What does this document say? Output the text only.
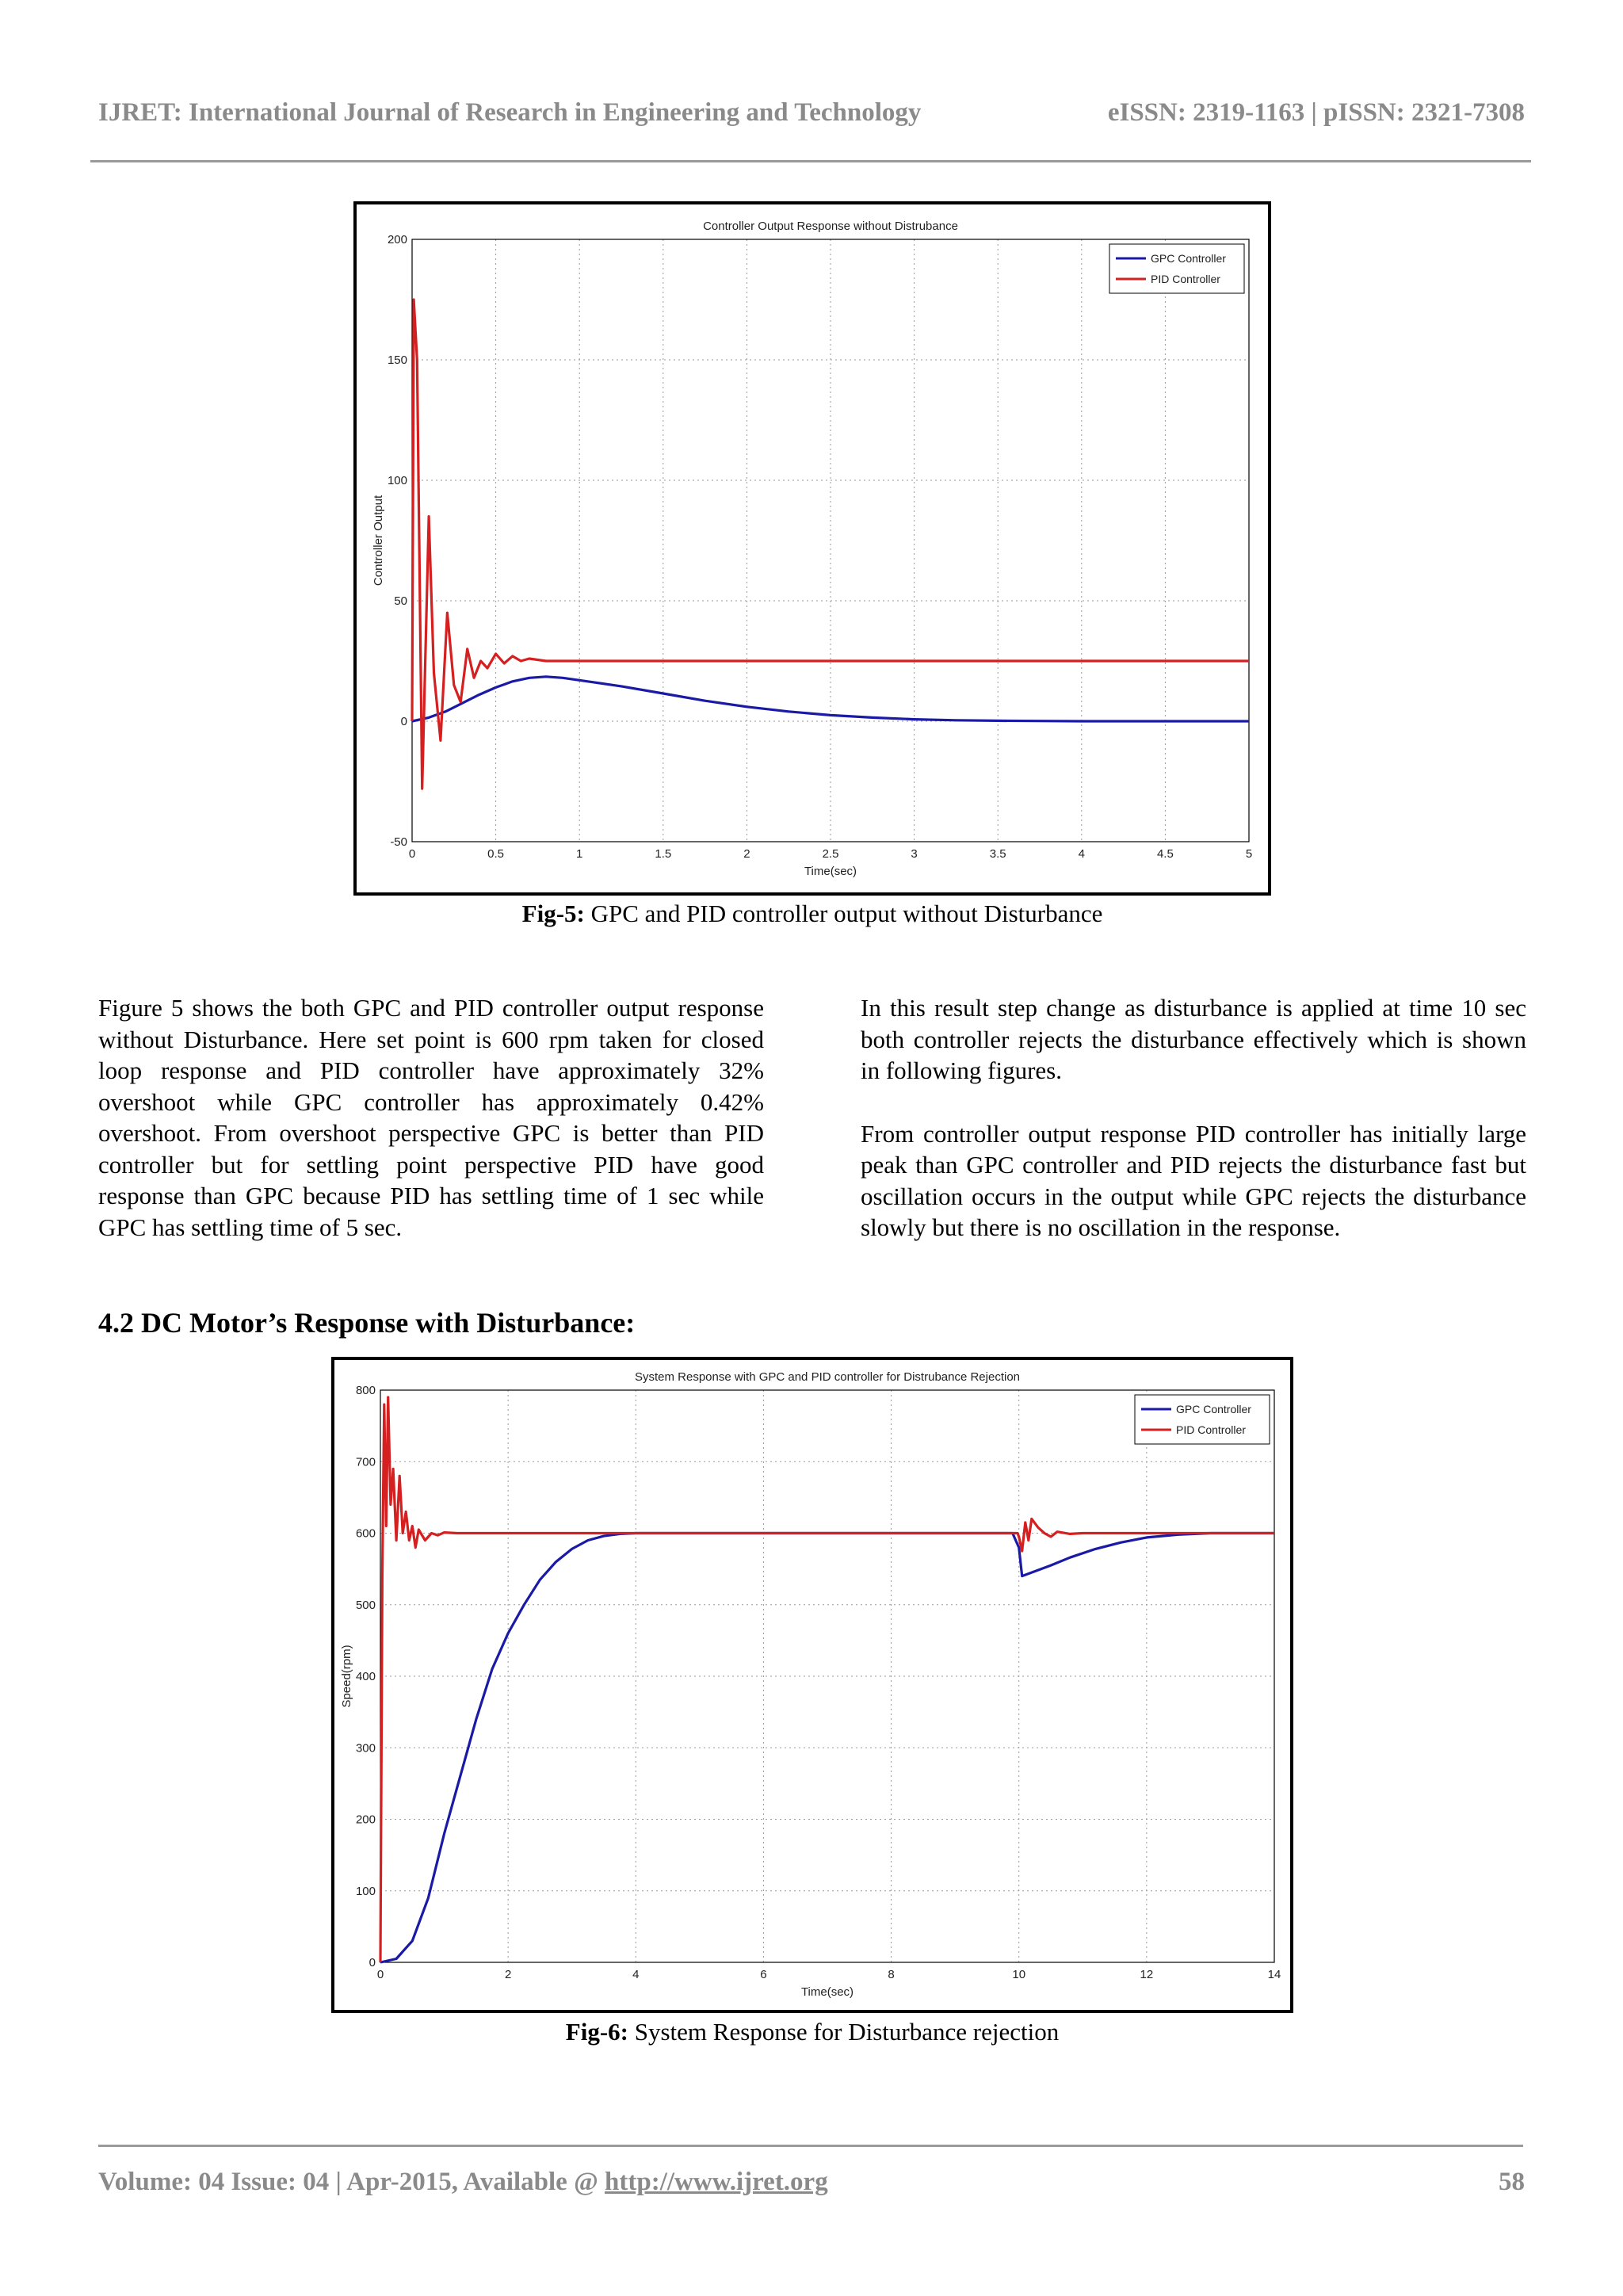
IJRET: International Journal of Research in Engineering and Technology	eISSN: 2319-1163 | pISSN: 2321-7308
0	0.5	1	1.5	2	2.5	3	3.5	4	4.5	5
-50
0
50
100
150
200
Controller Output Response without Distrubance
Time(sec)
Controller Output
GPC Controller
PID Controller
Fig-5: GPC and PID controller output without Disturbance

Figure 5 shows the both GPC and PID controller output response without Disturbance. Here set point is 600 rpm taken for closed loop response and PID controller have approximately 32% overshoot while GPC controller has approximately 0.42% overshoot. From overshoot perspective GPC is better than PID controller but for settling point perspective PID have good response than GPC because PID has settling time of 1 sec while GPC has settling time of 5 sec.

In this result step change as disturbance is applied at time 10 sec both controller rejects the disturbance effectively which is shown in following figures.

From controller output response PID controller has initially large peak than GPC controller and PID rejects the disturbance fast but oscillation occurs in the output while GPC rejects the disturbance slowly but there is no oscillation in the response.

4.2 DC Motor’s Response with Disturbance:
0	2	4	6	8	10	12	14
0
100
200
300
400
500
600
700
800
System Response with GPC and PID controller for Distrubance Rejection
Time(sec)
Speed(rpm)
GPC Controller
PID Controller
Fig-6: System Response for Disturbance rejection
Volume: 04 Issue: 04 | Apr-2015, Available @ http://www.ijret.org	58
